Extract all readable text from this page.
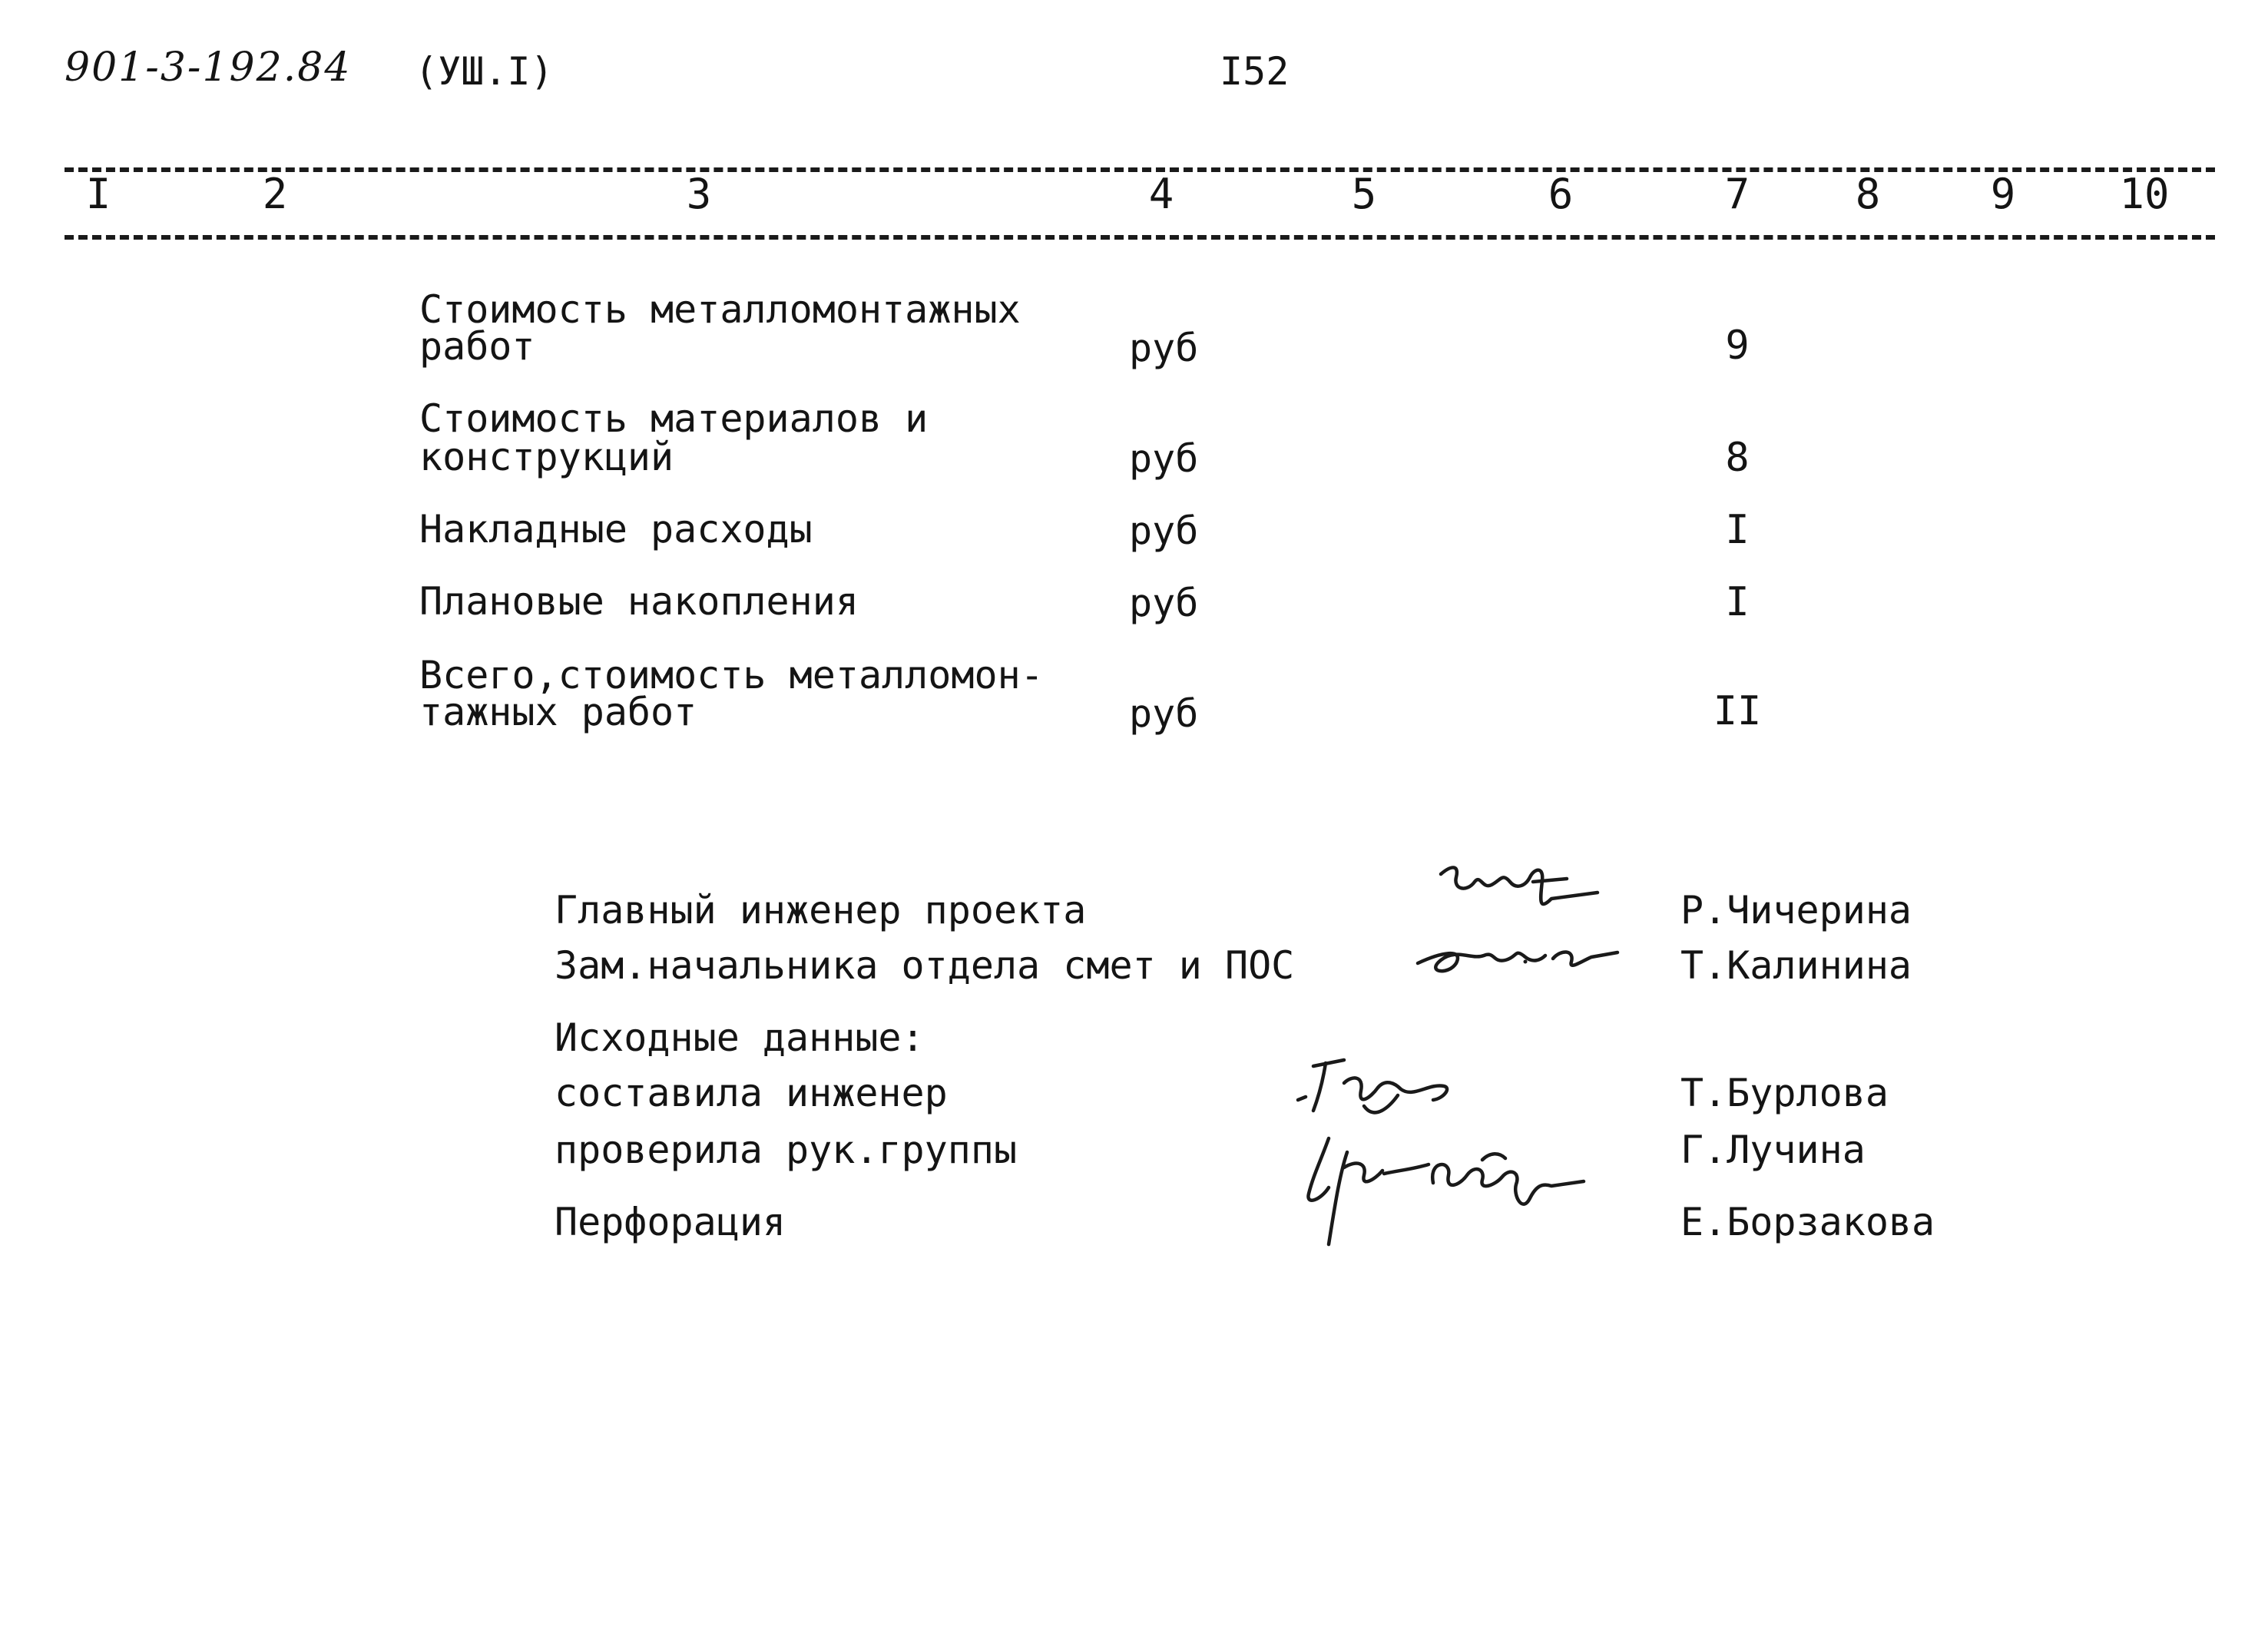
901-3-192.84 (УШ.I)	I52
I	2	3	4	5	6	7	8	9	10
Стоимость металломонтажных
работ	руб	9
Стоимость материалов и
конструкций	руб	8
Накладные расходы	руб	I
Плановые накопления	руб	I
Всего,стоимость металломон-
тажных работ	руб	II
Главный инженер проекта	Р.Чичерина
Зам.начальника отдела смет и ПОС	Т.Калинина
Исходные данные:
составила инженер	Т.Бурлова
проверила рук.группы	Г.Лучина
Перфорация	Е.Борзакова
